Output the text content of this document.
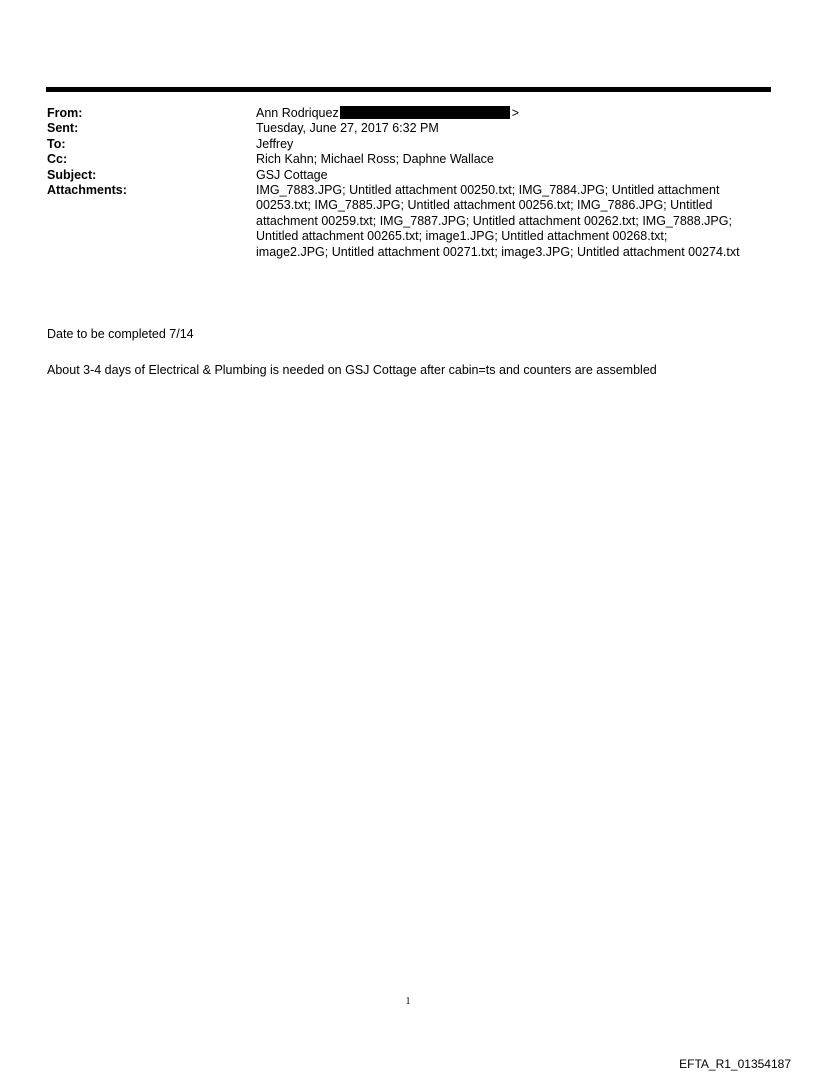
From:	Ann Rodriquez	>
Sent:	Tuesday, June 27, 2017 6:32 PM
To:	Jeffrey
Cc:	Rich Kahn; Michael Ross; Daphne Wallace
Subject:	GSJ Cottage
Attachments:	IMG_7883.JPG; Untitled attachment 00250.txt; IMG_7884.JPG; Untitled attachment
00253.txt; IMG_7885.JPG; Untitled attachment 00256.txt; IMG_7886.JPG; Untitled
attachment 00259.txt; IMG_7887.JPG; Untitled attachment 00262.txt; IMG_7888.JPG;
Untitled attachment 00265.txt; image1.JPG; Untitled attachment 00268.txt;
image2.JPG; Untitled attachment 00271.txt; image3.JPG; Untitled attachment 00274.txt
Date to be completed 7/14
About 3-4 days of Electrical & Plumbing is needed on GSJ Cottage after cabin=ts and counters are assembled
1
EFTA_R1_01354187
